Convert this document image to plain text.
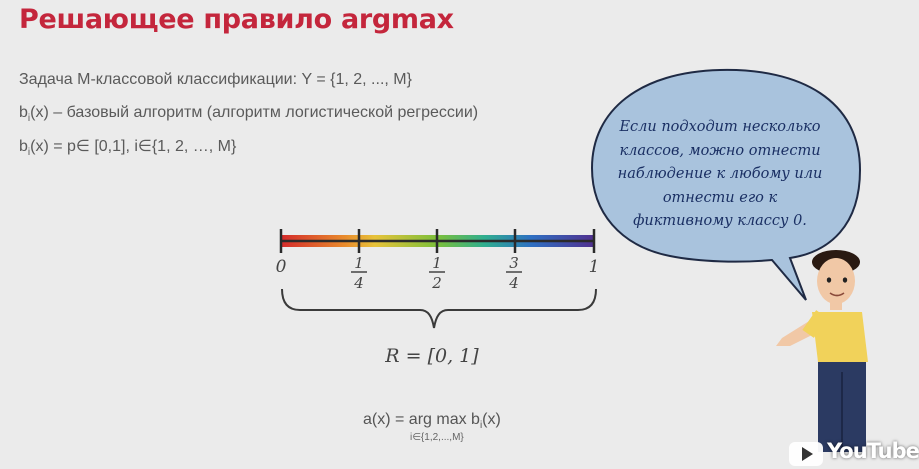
Решающее правило argmax
Задача М-классовой классификации: Y = {1, 2, ..., M}
$b_i(x)$ – базовый алгоритм (алгоритм логистической регрессии)
$b_i(x)$ = p∈ [0,1], i∈{1, 2, …, M}
0	1
4
1
2
3
4
1
R = [0, 1]
a(x) = arg $\max b_i(x)$
i∈{1,2,...,M}
Если подходит несколько классов, можно отнести наблюдение к любому или отнести его к фиктивному классу 0.
YouTube
